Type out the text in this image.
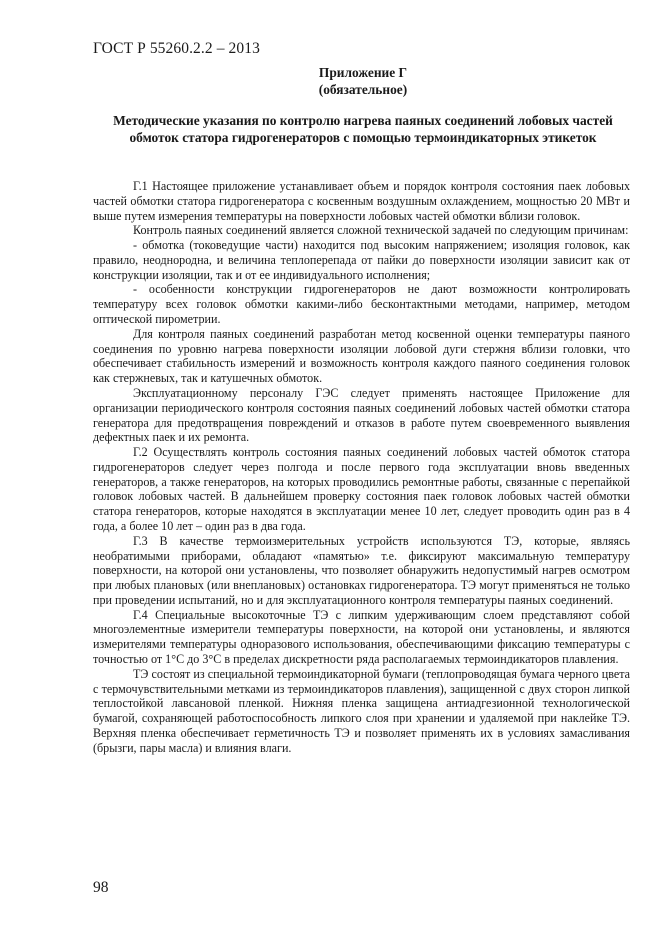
ГОСТ Р 55260.2.2 – 2013
Приложение Г
(обязательное)
Методические указания по контролю нагрева паяных соединений лобовых частей обмоток статора гидрогенераторов с помощью термоиндикаторных этикеток

Г.1 Настоящее приложение устанавливает объем и порядок контроля состояния паек лобовых частей обмотки статора гидрогенератора с косвенным воздушным охлаждением, мощностью 20 МВт и выше путем измерения температуры на поверхности лобовых частей обмотки вблизи головок.

Контроль паяных соединений является сложной технической задачей по следующим причинам:

- обмотка (токоведущие части) находится под высоким напряжением; изоляция головок, как правило, неоднородна, и величина теплоперепада от пайки до поверхности изоляции зависит как от конструкции изоляции, так и от ее индивидуального исполнения;

- особенности конструкции гидрогенераторов не дают возможности контролировать температуру всех головок обмотки какими-либо бесконтактными методами, например, методом оптической пирометрии.

Для контроля паяных соединений разработан метод косвенной оценки температуры паяного соединения по уровню нагрева поверхности изоляции лобовой дуги стержня вблизи головки, что обеспечивает стабильность измерений и возможность контроля каждого паяного соединения головок как стержневых, так и катушечных обмоток.

Эксплуатационному персоналу ГЭС следует применять настоящее Приложение для организации периодического контроля состояния паяных соединений лобовых частей обмотки статора генератора для предотвращения повреждений и отказов в работе путем своевременного выявления дефектных паек и их ремонта.

Г.2 Осуществлять контроль состояния паяных соединений лобовых частей обмоток статора гидрогенераторов следует через полгода и после первого года эксплуатации вновь введенных генераторов, а также генераторов, на которых проводились ремонтные работы, связанные с перепайкой головок лобовых частей. В дальнейшем проверку состояния паек головок лобовых частей обмотки статора генераторов, которые находятся в эксплуатации менее 10 лет, следует проводить один раз в 4 года, а более 10 лет – один раз в два года.

Г.3 В качестве термоизмерительных устройств используются ТЭ, которые, являясь необратимыми приборами, обладают «памятью» т.е. фиксируют максимальную температуру поверхности, на которой они установлены, что позволяет обнаружить недопустимый нагрев осмотром при любых плановых (или внеплановых) остановках гидрогенератора. ТЭ могут применяться не только при проведении испытаний, но и для эксплуатационного контроля температуры паяных соединений.

Г.4 Специальные высокоточные ТЭ с липким удерживающим слоем представляют собой многоэлементные измерители температуры поверхности, на которой они установлены, и являются измерителями температуры одноразового использования, обеспечивающими фиксацию температуры с точностью от 1°С до 3°С в пределах дискретности ряда располагаемых термоиндикаторов плавления.

ТЭ состоят из специальной термоиндикаторной бумаги (теплопроводящая бумага черного цвета с термочувствительными метками из термоиндикаторов плавления), защищенной с двух сторон липкой теплостойкой лавсановой пленкой. Нижняя пленка защищена антиадгезионной технологической бумагой, сохраняющей работоспособность липкого слоя при хранении и удаляемой при наклейке ТЭ. Верхняя пленка обеспечивает герметичность ТЭ и позволяет применять их в условиях замасливания (брызги, пары масла) и влияния влаги.

98
